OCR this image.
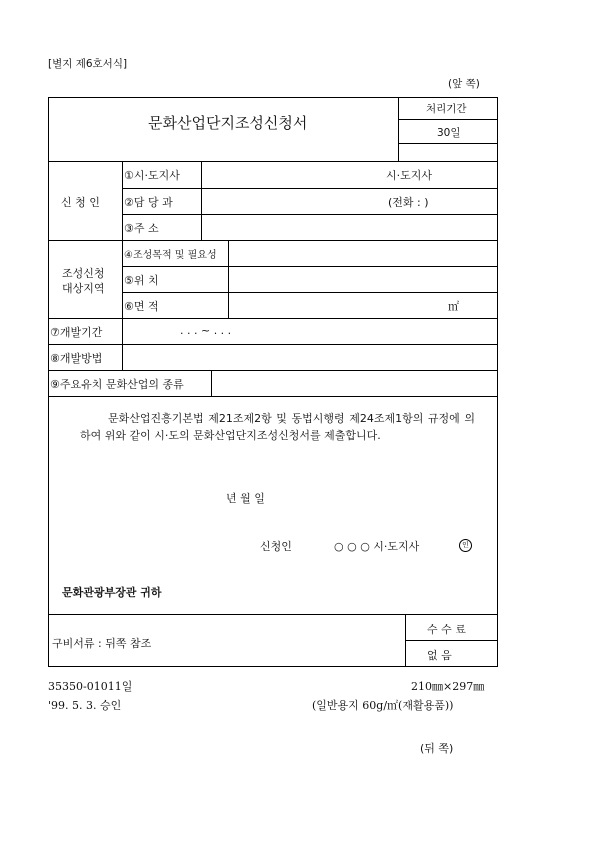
[별지 제6호서식]
(앞 쪽)
문화산업단지조성신청서
처리기간
30일
신 청 인
①시·도지사	시·도지사
②담 당 과	(전화 : )
③주 소
조성신청
대상지역
④조성목적 및 필요성
⑤위 치
⑥면 적	㎡
⑦개발기간	. . . ~ . . .
⑧개발방법
⑨주요유치 문화산업의 종류
문화산업진흥기본법 제21조제2항 및 동법시행령 제24조제1항의 규정에 의하여 위와 같이 시·도의 문화산업단지조성신청서를 제출합니다.
년 월 일
신청인	○ ○ ○ 시·도지사	인
문화관광부장관 귀하
구비서류 : 뒤쪽 참조
수 수 료
없 음
35350-01011일	210㎜×297㎜
'99. 5. 3. 승인	(일반용지 60g/㎡(재활용품))
(뒤 쪽)
